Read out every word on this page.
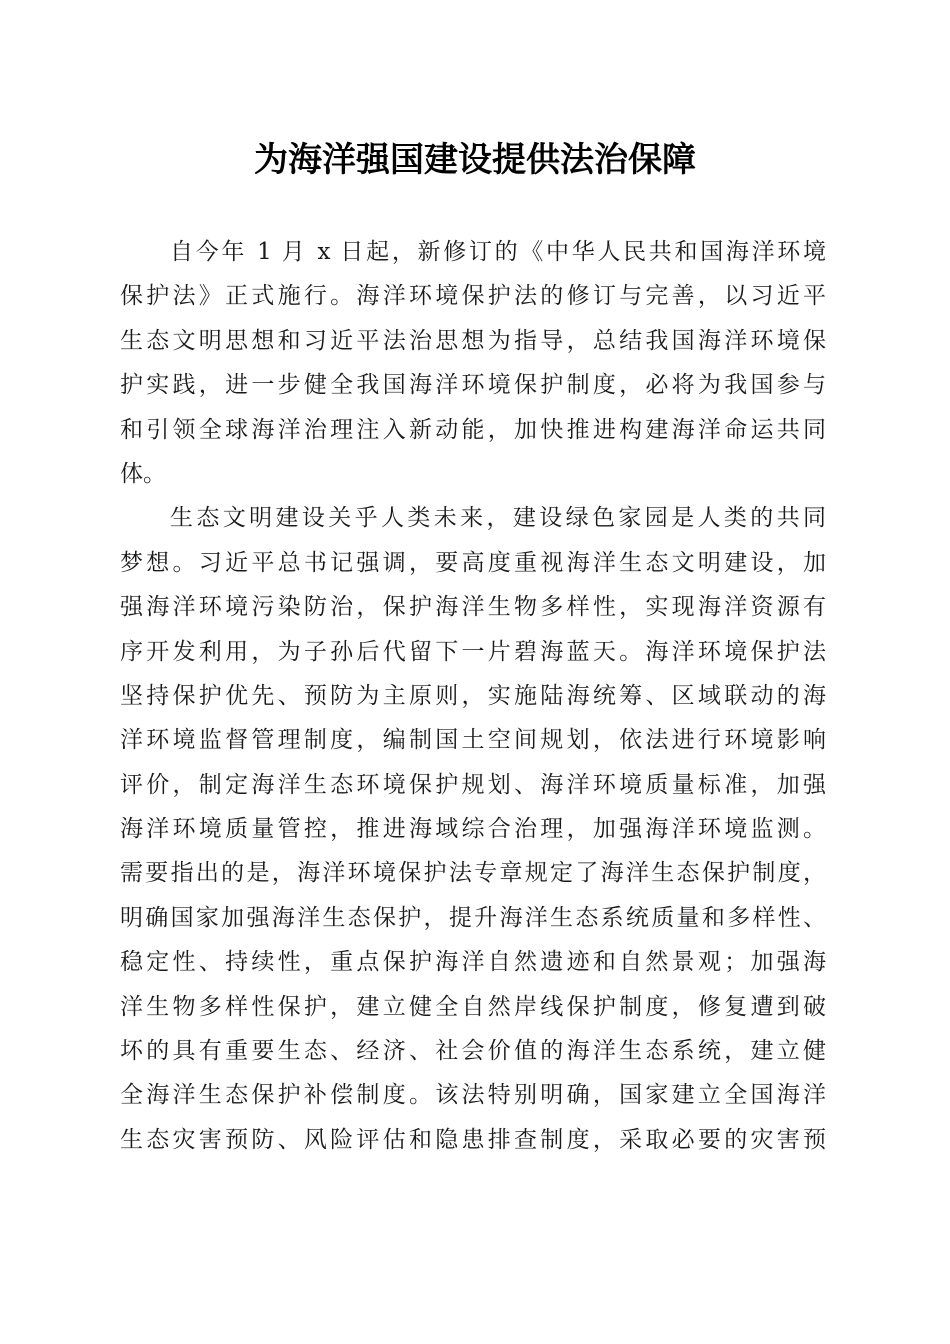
为海洋强国建设提供法治保障
自今年 1 月 x 日起，新修订的《中华人民共和国海洋环境
保护法》正式施行。海洋环境保护法的修订与完善，以习近平
生态文明思想和习近平法治思想为指导，总结我国海洋环境保
护实践，进一步健全我国海洋环境保护制度，必将为我国参与
和引领全球海洋治理注入新动能，加快推进构建海洋命运共同
体。
生态文明建设关乎人类未来，建设绿色家园是人类的共同
梦想。习近平总书记强调，要高度重视海洋生态文明建设，加
强海洋环境污染防治，保护海洋生物多样性，实现海洋资源有
序开发利用，为子孙后代留下一片碧海蓝天。海洋环境保护法
坚持保护优先、预防为主原则，实施陆海统筹、区域联动的海
洋环境监督管理制度，编制国土空间规划，依法进行环境影响
评价，制定海洋生态环境保护规划、海洋环境质量标准，加强
海洋环境质量管控，推进海域综合治理，加强海洋环境监测。
需要指出的是，海洋环境保护法专章规定了海洋生态保护制度，
明确国家加强海洋生态保护，提升海洋生态系统质量和多样性、
稳定性、持续性，重点保护海洋自然遗迹和自然景观；加强海
洋生物多样性保护，建立健全自然岸线保护制度，修复遭到破
坏的具有重要生态、经济、社会价值的海洋生态系统，建立健
全海洋生态保护补偿制度。该法特别明确，国家建立全国海洋
生态灾害预防、风险评估和隐患排查制度，采取必要的灾害预
